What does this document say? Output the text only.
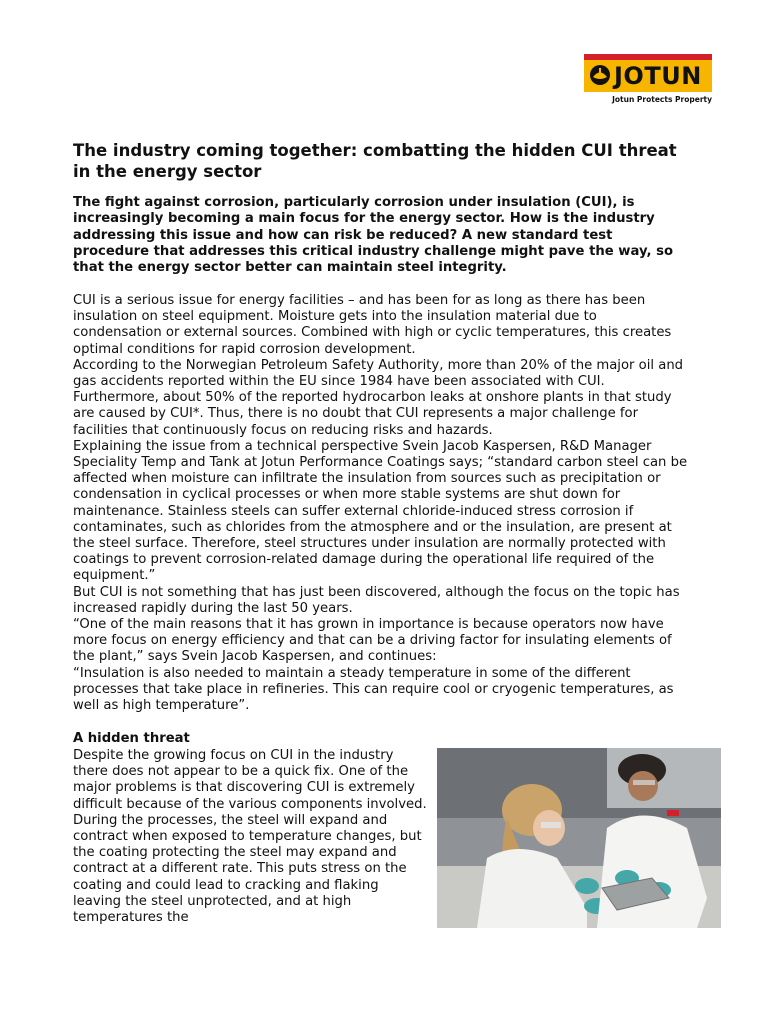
JOTUN
Jotun Protects Property
The industry coming together: combatting the hidden CUI threat in the energy sector

The fight against corrosion, particularly corrosion under insulation (CUI), is increasingly becoming a main focus for the energy sector. How is the industry addressing this issue and how can risk be reduced? A new standard test procedure that addresses this critical industry challenge might pave the way, so that the energy sector better can maintain steel integrity.

CUI is a serious issue for energy facilities – and has been for as long as there has been insulation on steel equipment. Moisture gets into the insulation material due to condensation or external sources. Combined with high or cyclic temperatures, this creates optimal conditions for rapid corrosion development.

According to the Norwegian Petroleum Safety Authority, more than 20% of the major oil and gas accidents reported within the EU since 1984 have been associated with CUI. Furthermore, about 50% of the reported hydrocarbon leaks at onshore plants in that study are caused by CUI*. Thus, there is no doubt that CUI represents a major challenge for facilities that continuously focus on reducing risks and hazards.

Explaining the issue from a technical perspective Svein Jacob Kaspersen, R&D Manager Speciality Temp and Tank at Jotun Performance Coatings says; “standard carbon steel can be affected when moisture can infiltrate the insulation from sources such as precipitation or condensation in cyclical processes or when more stable systems are shut down for maintenance. Stainless steels can suffer external chloride-induced stress corrosion if contaminates, such as chlorides from the atmosphere and or the insulation, are present at the steel surface. Therefore, steel structures under insulation are normally protected with coatings to prevent corrosion-related damage during the operational life required of the equipment.”

But CUI is not something that has just been discovered, although the focus on the topic has increased rapidly during the last 50 years.

“One of the main reasons that it has grown in importance is because operators now have more focus on energy efficiency and that can be a driving factor for insulating elements of the plant,” says Svein Jacob Kaspersen, and continues:

“Insulation is also needed to maintain a steady temperature in some of the different processes that take place in refineries. This can require cool or cryogenic temperatures, as well as high temperature”.

A hidden threat

Despite the growing focus on CUI in the industry there does not appear to be a quick fix. One of the major problems is that discovering CUI is extremely difficult because of the various components involved. During the processes, the steel will expand and contract when exposed to temperature changes, but the coating protecting the steel may expand and contract at a different rate. This puts stress on the coating and could lead to cracking and flaking leaving the steel unprotected, and at high temperatures the
